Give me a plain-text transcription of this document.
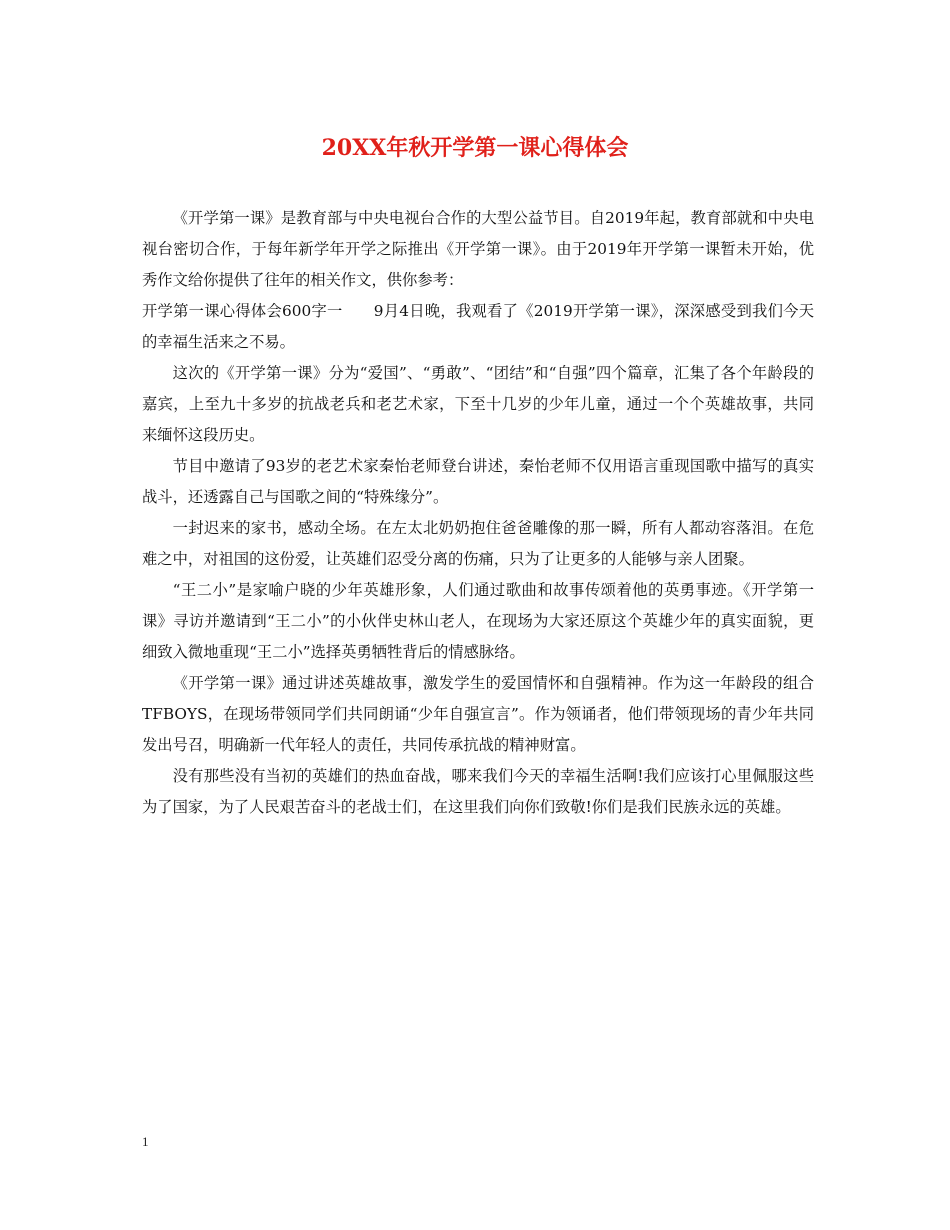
20XX年秋开学第一课心得体会

《开学第一课》是教育部与中央电视台合作的大型公益节目。自2019年起，教育部就和中央电视台密切合作，于每年新学年开学之际推出《开学第一课》。由于2019年开学第一课暂未开始，优秀作文给你提供了往年的相关作文，供你参考：

开学第一课心得体会600字一　　9月4日晚，我观看了《2019开学第一课》，深深感受到我们今天的幸福生活来之不易。

这次的《开学第一课》分为“爱国”、“勇敢”、“团结”和“自强”四个篇章，汇集了各个年龄段的嘉宾，上至九十多岁的抗战老兵和老艺术家，下至十几岁的少年儿童，通过一个个英雄故事，共同来缅怀这段历史。

节目中邀请了93岁的老艺术家秦怡老师登台讲述，秦怡老师不仅用语言重现国歌中描写的真实战斗，还透露自己与国歌之间的“特殊缘分”。

一封迟来的家书，感动全场。在左太北奶奶抱住爸爸雕像的那一瞬，所有人都动容落泪。在危难之中，对祖国的这份爱，让英雄们忍受分离的伤痛，只为了让更多的人能够与亲人团聚。

“王二小”是家喻户晓的少年英雄形象，人们通过歌曲和故事传颂着他的英勇事迹。《开学第一课》寻访并邀请到“王二小”的小伙伴史林山老人，在现场为大家还原这个英雄少年的真实面貌，更细致入微地重现“王二小”选择英勇牺牲背后的情感脉络。

《开学第一课》通过讲述英雄故事，激发学生的爱国情怀和自强精神。作为这一年龄段的组合TFBOYS，在现场带领同学们共同朗诵“少年自强宣言”。作为领诵者，他们带领现场的青少年共同发出号召，明确新一代年轻人的责任，共同传承抗战的精神财富。

没有那些没有当初的英雄们的热血奋战，哪来我们今天的幸福生活啊!我们应该打心里佩服这些为了国家，为了人民艰苦奋斗的老战士们，在这里我们向你们致敬!你们是我们民族永远的英雄。

1
